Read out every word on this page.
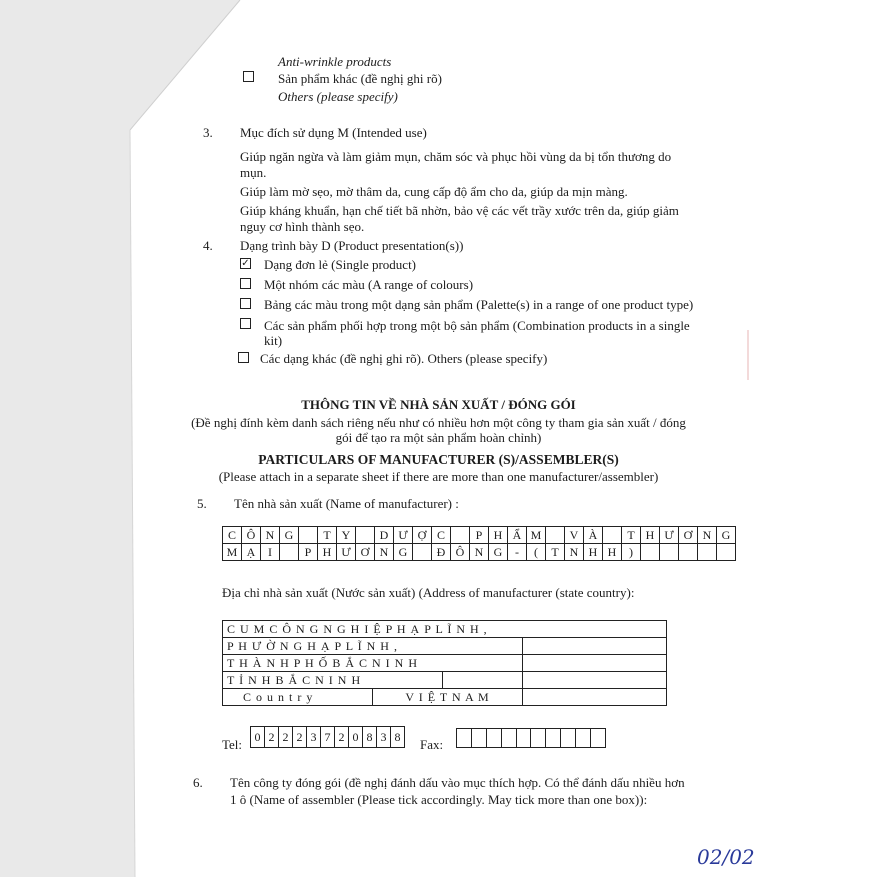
Anti-wrinkle products
Sản phẩm khác (đề nghị ghi rõ)
Others (please specify)
3. Mục đích sử dụng M (Intended use)
Giúp ngăn ngừa và làm giảm mụn, chăm sóc và phục hồi vùng da bị tổn thương do
mụn.
Giúp làm mờ sẹo, mờ thâm da, cung cấp độ ẩm cho da, giúp da mịn màng.
Giúp kháng khuẩn, hạn chế tiết bã nhờn, bảo vệ các vết trầy xước trên da, giúp giảm
nguy cơ hình thành sẹo.
4. Dạng trình bày D (Product presentation(s))
✓ Dạng đơn lẻ (Single product)
Một nhóm các màu (A range of colours)
Bảng các màu trong một dạng sản phẩm (Palette(s) in a range of one product type)
Các sản phẩm phối hợp trong một bộ sản phẩm (Combination products in a single
kit)
Các dạng khác (đề nghị ghi rõ). Others (please specify)
THÔNG TIN VỀ NHÀ SẢN XUẤT / ĐÓNG GÓI
(Đề nghị đính kèm danh sách riêng nếu như có nhiều hơn một công ty tham gia sản xuất / đóng
gói để tạo ra một sản phẩm hoàn chỉnh)
PARTICULARS OF MANUFACTURER (S)/ASSEMBLER(S)
(Please attach in a separate sheet if there are more than one manufacturer/assembler)
5. Tên nhà sản xuất (Name of manufacturer) :
C	Ô	N	G		T	Y		D	Ư	Ợ	C		P	H	Ẩ	M		V	À		T	H	Ư	Ơ	N	G
M	Ạ	I		P	H	Ư	Ơ	N	G		Đ	Ô	N	G	-	(	T	N	H	H	)					
Địa chỉ nhà sản xuất (Nước sản xuất) (Address of manufacturer (state country):
C U M C Ô N G N G H I Ệ P H Ạ P L Ĩ N H ,			
P H Ư Ờ N G H Ạ P L Ĩ N H ,			
T H À N H P H Ố B Ắ C N I N H			
T Ỉ N H B Ắ C N I N H			
C o u n t r y	V I Ệ T N A M		
Tel: 0	2	2	2	3	7	2	0	8	3	8 Fax:

6. Tên công ty đóng gói (đề nghị đánh dấu vào mục thích hợp. Có thể đánh dấu nhiều hơn
1 ô (Name of assembler (Please tick accordingly. May tick more than one box)):
02/02
